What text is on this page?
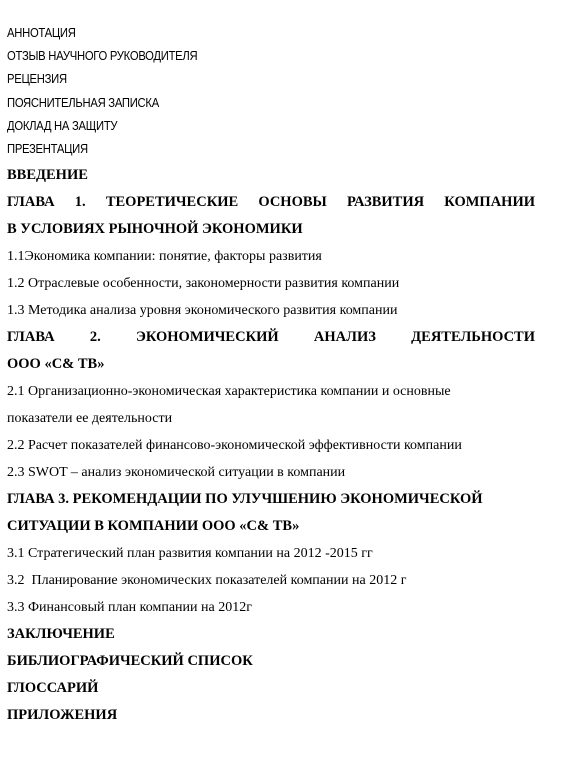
АННОТАЦИЯ
ОТЗЫВ НАУЧНОГО РУКОВОДИТЕЛЯ
РЕЦЕНЗИЯ
ПОЯСНИТЕЛЬНАЯ ЗАПИСКА
ДОКЛАД НА ЗАЩИТУ
ПРЕЗЕНТАЦИЯ
ВВЕДЕНИЕ
ГЛАВА 1. ТЕОРЕТИЧЕСКИЕ ОСНОВЫ РАЗВИТИЯ КОМПАНИИ
В УСЛОВИЯХ РЫНОЧНОЙ ЭКОНОМИКИ
1.1Экономика компании: понятие, факторы развития
1.2 Отраслевые особенности, закономерности развития компании
1.3 Методика анализа уровня экономического развития компании
ГЛАВА 2. ЭКОНОМИЧЕСКИЙ АНАЛИЗ ДЕЯТЕЛЬНОСТИ
ООО «С& ТВ»
2.1 Организационно-экономическая характеристика компании и основные
показатели ее деятельности
2.2 Расчет показателей финансово-экономической эффективности компании
2.3 SWOT – анализ экономической ситуации в компании
ГЛАВА 3. РЕКОМЕНДАЦИИ ПО УЛУЧШЕНИЮ ЭКОНОМИЧЕСКОЙ
СИТУАЦИИ В КОМПАНИИ ООО «С& ТВ»
3.1 Стратегический план развития компании на 2012 -2015 гг
3.2  Планирование экономических показателей компании на 2012 г
3.3 Финансовый план компании на 2012г
ЗАКЛЮЧЕНИЕ
БИБЛИОГРАФИЧЕСКИЙ СПИСОК
ГЛОССАРИЙ
ПРИЛОЖЕНИЯ
